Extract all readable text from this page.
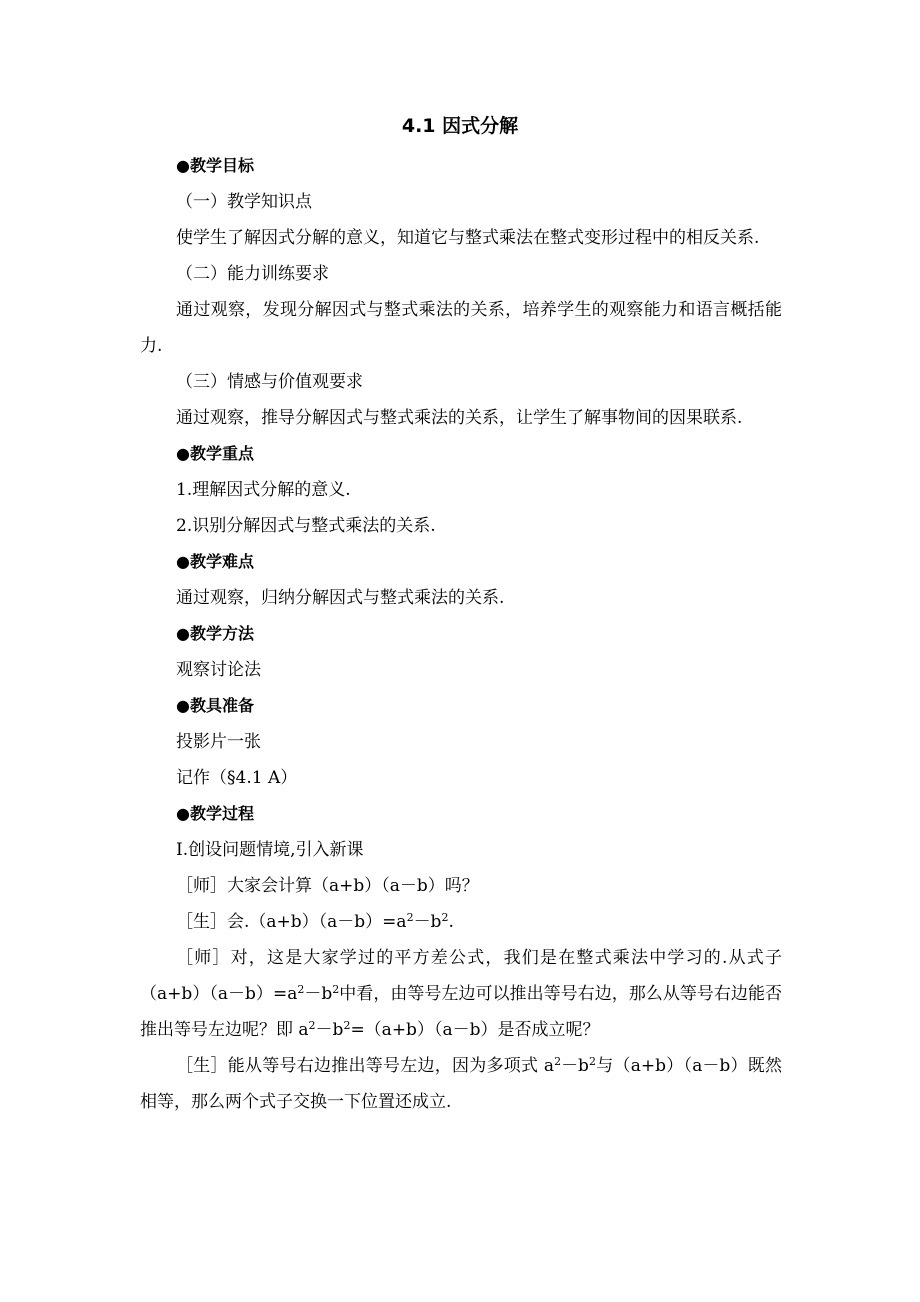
4.1 因式分解

●教学目标

（一）教学知识点

使学生了解因式分解的意义，知道它与整式乘法在整式变形过程中的相反关系.

（二）能力训练要求

通过观察，发现分解因式与整式乘法的关系，培养学生的观察能力和语言概括能力.

（三）情感与价值观要求

通过观察，推导分解因式与整式乘法的关系，让学生了解事物间的因果联系.

●教学重点

1.理解因式分解的意义.

2.识别分解因式与整式乘法的关系.

●教学难点

通过观察，归纳分解因式与整式乘法的关系.

●教学方法

观察讨论法

●教具准备

投影片一张

记作（§4.1 A）

●教学过程

Ⅰ.创设问题情境,引入新课

［师］大家会计算（a+b）（a－b）吗？

［生］会$.(a+b)(a-b)=a^2-b^2$.

［师］对，这是大家学过的平方差公式，我们是在整式乘法中学习的.从式子$(a+b)(a-b)=a^2-b^2$中看，由等号左边可以推出等号右边，那么从等号右边能否推出等号左边呢？即 $a^2-b^2=(a+b)(a-b)$是否成立呢？

［生］能从等号右边推出等号左边，因为多项式 $a^2-b^2$与（a+b）（a－b）既然相等，那么两个式子交换一下位置还成立.
